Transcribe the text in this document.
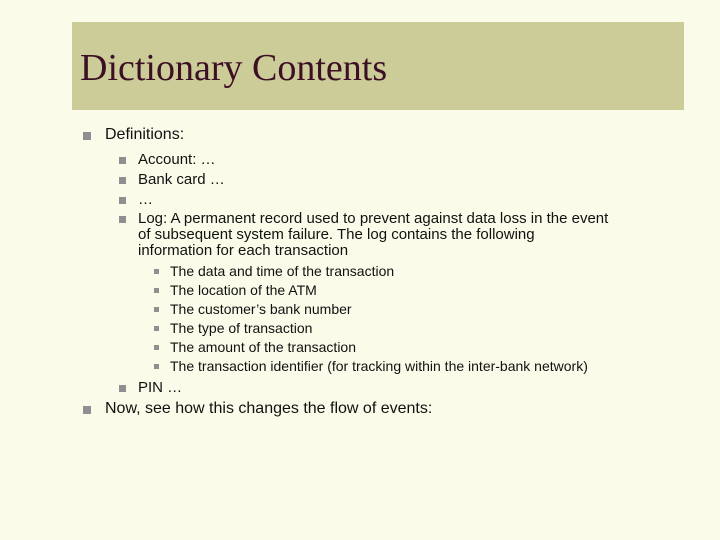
Dictionary Contents
Definitions:
Account: …
Bank card …
…
Log: A permanent record used to prevent against data loss in the event
of subsequent system failure. The log contains the following
information for each transaction
The data and time of the transaction
The location of the ATM
The customer’s bank number
The type of transaction
The amount of the transaction
The transaction identifier (for tracking within the inter-bank network)
PIN …
Now, see how this changes the flow of events:
